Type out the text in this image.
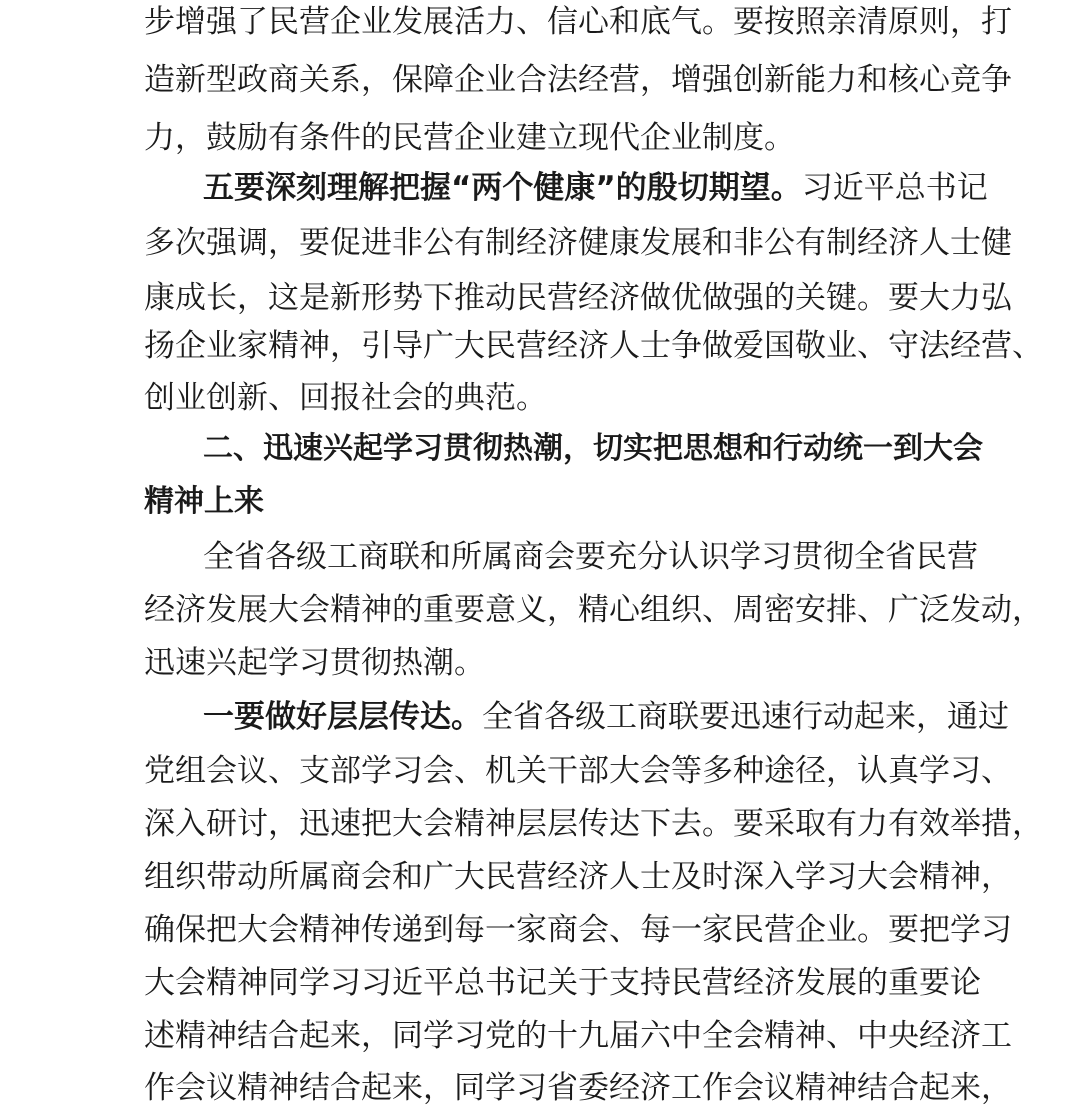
步增强了民营企业发展活力、信心和底气。要按照亲清原则，打
造新型政商关系，保障企业合法经营，增强创新能力和核心竞争
力，鼓励有条件的民营企业建立现代企业制度。
五要深刻理解把握“两个健康”的殷切期望。习近平总书记
多次强调，要促进非公有制经济健康发展和非公有制经济人士健
康成长，这是新形势下推动民营经济做优做强的关键。要大力弘
扬企业家精神，引导广大民营经济人士争做爱国敬业、守法经营、
创业创新、回报社会的典范。
二、迅速兴起学习贯彻热潮，切实把思想和行动统一到大会
精神上来
全省各级工商联和所属商会要充分认识学习贯彻全省民营
经济发展大会精神的重要意义，精心组织、周密安排、广泛发动，
迅速兴起学习贯彻热潮。
一要做好层层传达。全省各级工商联要迅速行动起来，通过
党组会议、支部学习会、机关干部大会等多种途径，认真学习、
深入研讨，迅速把大会精神层层传达下去。要采取有力有效举措，
组织带动所属商会和广大民营经济人士及时深入学习大会精神，
确保把大会精神传递到每一家商会、每一家民营企业。要把学习
大会精神同学习习近平总书记关于支持民营经济发展的重要论
述精神结合起来，同学习党的十九届六中全会精神、中央经济工
作会议精神结合起来，同学习省委经济工作会议精神结合起来，
